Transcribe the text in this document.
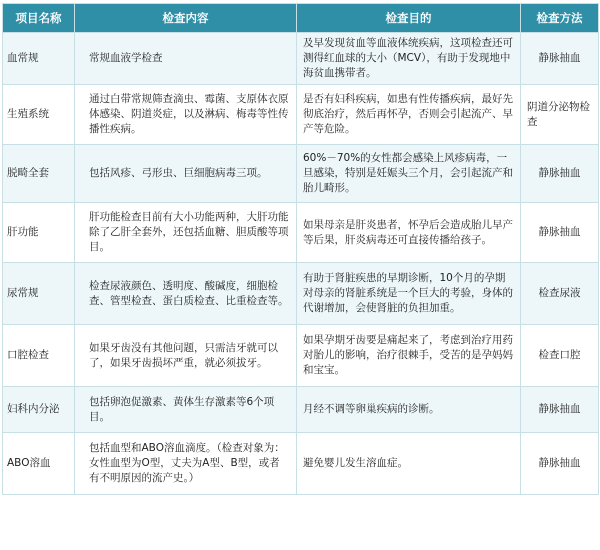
项目名称	检查内容	检查目的	检查方法
血常规	常规血液学检查	及早发现贫血等血液体统疾病，这项检查还可测得红血球的大小（MCV），有助于发现地中海贫血携带者。	静脉抽血
生殖系统	通过白带常规筛查滴虫、霉菌、支原体衣原体感染、阴道炎症，以及淋病、梅毒等性传播性疾病。	是否有妇科疾病，如患有性传播疾病，最好先彻底治疗，然后再怀孕，否则会引起流产、早产等危险。	阴道分泌物检查
脱畸全套	包括风疹、弓形虫、巨细胞病毒三项。	60%－70%的女性都会感染上风疹病毒，一旦感染，特别是妊娠头三个月，会引起流产和胎儿畸形。	静脉抽血
肝功能	肝功能检查目前有大小功能两种，大肝功能除了乙肝全套外，还包括血糖、胆质酸等项目。	如果母亲是肝炎患者，怀孕后会造成胎儿早产等后果，肝炎病毒还可直接传播给孩子。	静脉抽血
尿常规	检查尿液颜色、透明度、酸碱度，细胞检查、管型检查、蛋白质检查、比重检查等。	有助于肾脏疾患的早期诊断，10个月的孕期对母亲的肾脏系统是一个巨大的考验，身体的代谢增加，会使肾脏的负担加重。	检查尿液
口腔检查	如果牙齿没有其他问题，只需洁牙就可以了，如果牙齿损坏严重，就必须拔牙。	如果孕期牙齿要是痛起来了，考虑到治疗用药对胎儿的影响，治疗很棘手，受苦的是孕妈妈和宝宝。	检查口腔
妇科内分泌	包括卵泡促激素、黄体生存激素等6个项目。	月经不调等卵巢疾病的诊断。	静脉抽血
ABO溶血	包括血型和ABO溶血滴度。（检查对象为：女性血型为O型，丈夫为A型、B型，或者有不明原因的流产史。）	避免婴儿发生溶血症。	静脉抽血
